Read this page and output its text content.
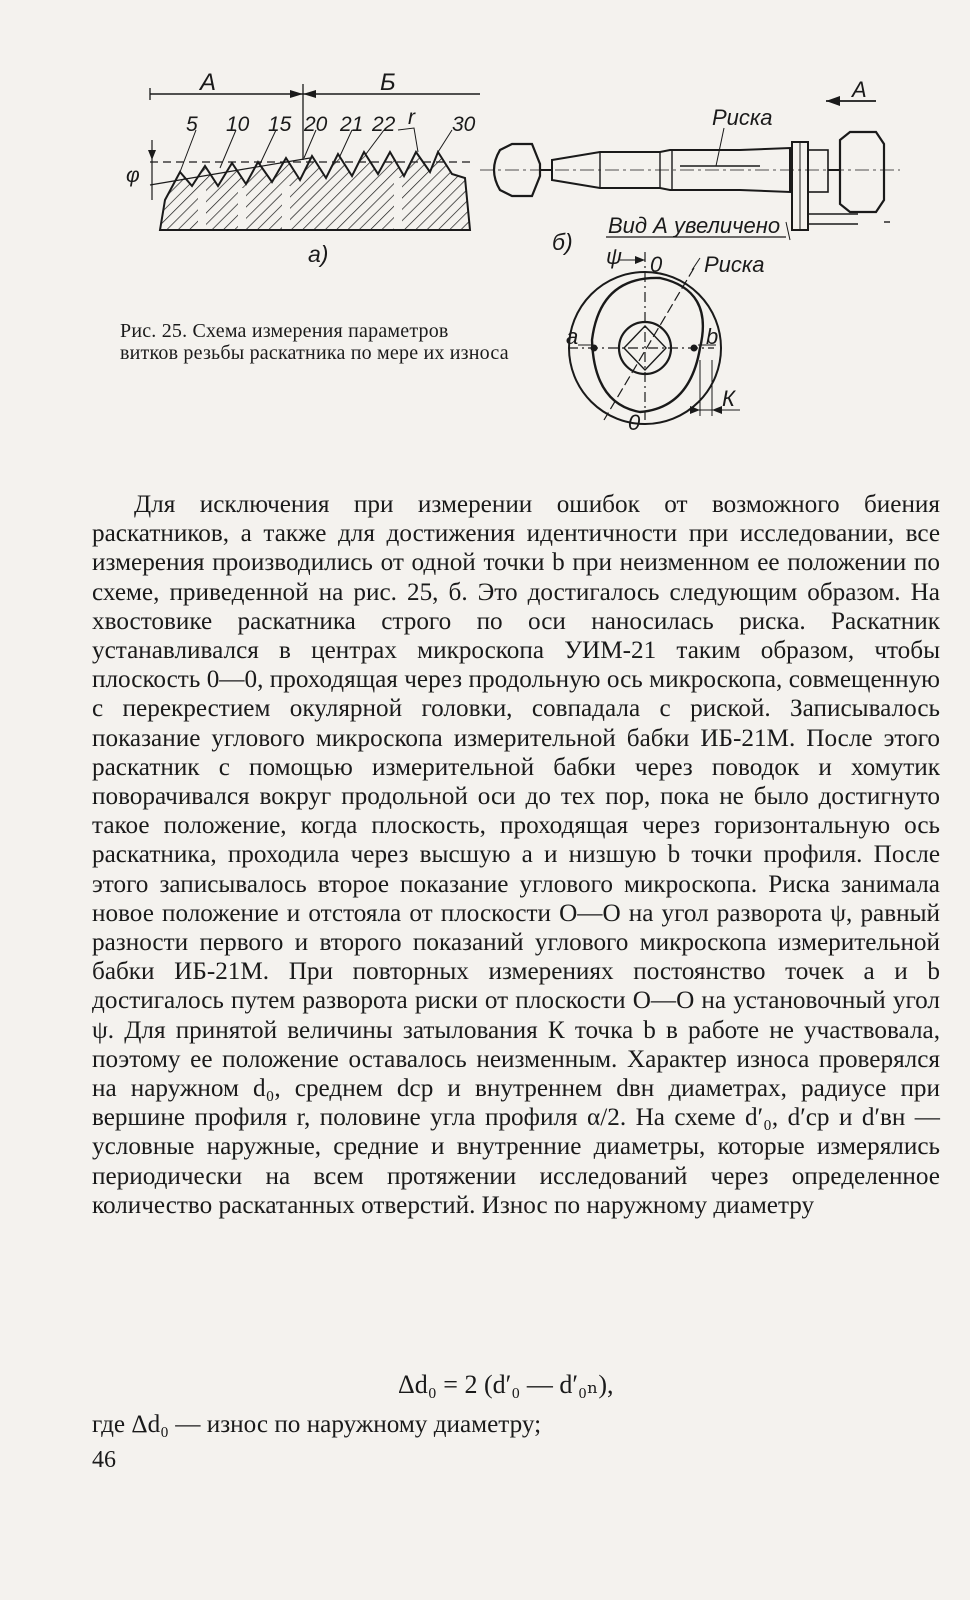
А	Б
5 10 15 20 21 22 r 30
φ
а)
Риска
А
Вид А увеличено
б)
ψ 0 Риска
a	b
0
К
Рис. 25. Схема измерения параметров витков резьбы раскатника по мере их износа

Для исключения при измерении ошибок от возможного биения раскатников, а также для достижения идентичности при исследовании, все измерения производились от одной точки b при неизменном ее положении по схеме, приведенной на рис. 25, б. Это достигалось следующим образом. На хвостовике раскатника строго по оси наносилась риска. Раскатник устанавливался в центрах микроскопа УИМ-21 таким образом, чтобы плоскость 0—0, проходящая через продольную ось микроскопа, совмещенную с перекрестием окулярной головки, совпадала с риской. Записывалось показание углового микроскопа измерительной бабки ИБ-21М. После этого раскатник с помощью измерительной бабки через поводок и хомутик поворачивался вокруг продольной оси до тех пор, пока не было достигнуто такое положение, когда плоскость, проходящая через горизонтальную ось раскатника, проходила через высшую a и низшую b точки профиля. После этого записывалось второе показание углового микроскопа. Риска занимала новое положение и отстояла от плоскости О—О на угол разворота ψ, равный разности первого и второго показаний углового микроскопа измерительной бабки ИБ-21М. При повторных измерениях постоянство точек a и b достигалось путем разворота риски от плоскости О—О на установочный угол ψ. Для принятой величины затылования К точка b в работе не участвовала, поэтому ее положение оставалось неизменным. Характер износа проверялся на наружном d₀, среднем dср и внутреннем dвн диаметрах, радиусе при вершине профиля r, половине угла профиля α/2. На схеме d′₀, d′ср и d′вн — условные наружные, средние и внутренние диаметры, которые измерялись периодически на всем протяжении исследований через определенное количество раскатанных отверстий. Износ по наружному диаметру

Δd₀ = 2 (d′₀ — d′₀ₙ),
где Δd₀ — износ по наружному диаметру;
46
